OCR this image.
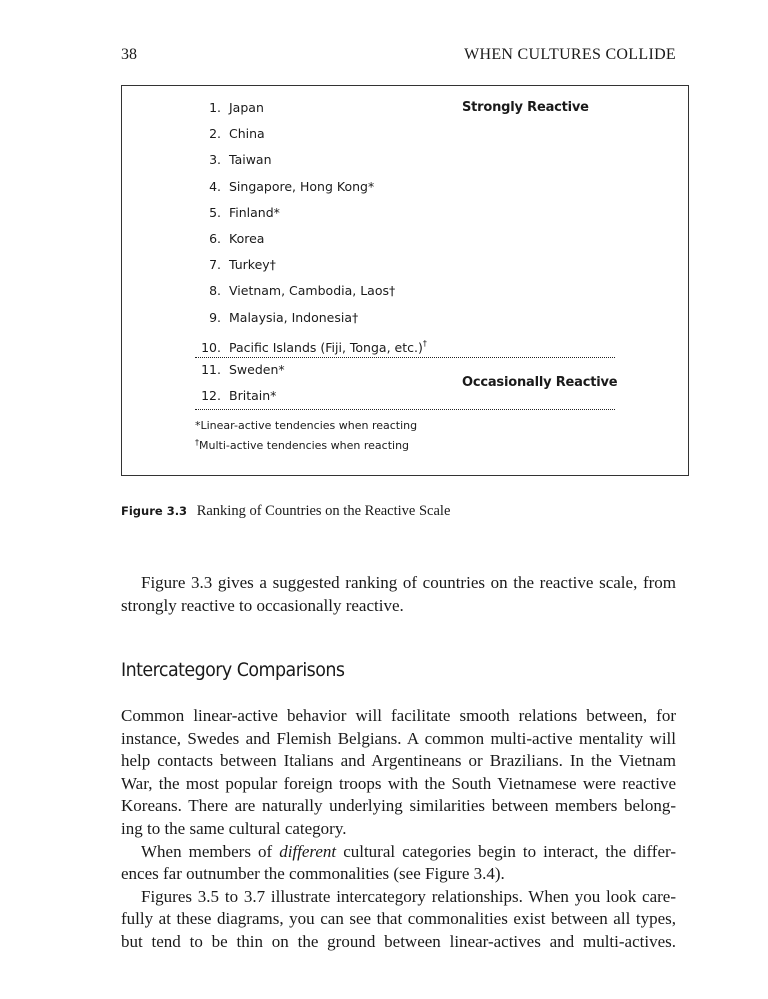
38	WHEN CULTURES COLLIDE
1. Japan
2. China
3. Taiwan
4. Singapore, Hong Kong*
5. Finland*
6. Korea
7. Turkey†
8. Vietnam, Cambodia, Laos†
9. Malaysia, Indonesia†
10. Pacific Islands (Fiji, Tonga, etc.)†
11. Sweden*
12. Britain*
Strongly Reactive
Occasionally Reactive
*Linear-active tendencies when reacting
†Multi-active tendencies when reacting
Figure 3.3 Ranking of Countries on the Reactive Scale
Figure 3.3 gives a suggested ranking of countries on the reactive scale, from
strongly reactive to occasionally reactive.
Intercategory Comparisons
Common linear-active behavior will facilitate smooth relations between, for
instance, Swedes and Flemish Belgians. A common multi-active mentality will
help contacts between Italians and Argentineans or Brazilians. In the Vietnam
War, the most popular foreign troops with the South Vietnamese were reactive
Koreans. There are naturally underlying similarities between members belong-
ing to the same cultural category.
When members of different cultural categories begin to interact, the differ-
ences far outnumber the commonalities (see Figure 3.4).
Figures 3.5 to 3.7 illustrate intercategory relationships. When you look care-
fully at these diagrams, you can see that commonalities exist between all types,
but tend to be thin on the ground between linear-actives and multi-actives.
